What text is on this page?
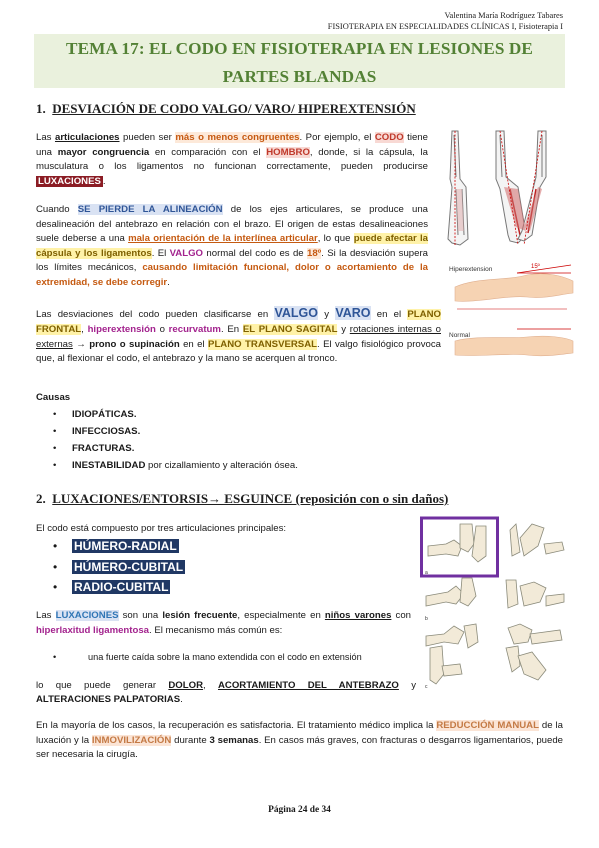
Valentina María Rodríguez Tabares
FISIOTERAPIA EN ESPECIALIDADES CLÍNICAS I, Fisioterapia I
TEMA 17: EL CODO EN FISIOTERAPIA EN LESIONES DE
PARTES BLANDAS
1. DESVIACIÓN DE CODO VALGO/ VARO/ HIPEREXTENSIÓN
Las articulaciones pueden ser más o menos congruentes. Por ejemplo, el CODO tiene una mayor congruencia en comparación con el HOMBRO, donde, si la cápsula, la musculatura o los ligamentos no funcionan correctamente, pueden producirse LUXACIONES .
Cuando SE PIERDE LA ALINEACIÓN de los ejes articulares, se produce una desalineación del antebrazo en relación con el brazo. El origen de estas desalineaciones suele deberse a una mala orientación de la interlínea articular, lo que puede afectar la cápsula y los ligamentos. El VALGO normal del codo es de 18º. Si la desviación supera los límites mecánicos, causando limitación funcional, dolor o acortamiento de la extremidad, se debe corregir.
Las desviaciones del codo pueden clasificarse en VALGO y VARO en el PLANO FRONTAL, hiperextensión o recurvatum. En EL PLANO SAGITAL y rotaciones internas o externas → prono o supinación en el PLANO TRANSVERSAL. El valgo fisiológico provoca que, al flexionar el codo, el antebrazo y la mano se acerquen al tronco.
Causas
• IDIOPÁTICAS.
• INFECCIOSAS.
• FRACTURAS.
• INESTABILIDAD por cizallamiento y alteración ósea.
Hiperextension	15º
Normal
2. LUXACIONES/ENTORSIS→ ESGUINCE (reposición con o sin daños)
El codo está compuesto por tres articulaciones principales:
• HÚMERO-RADIAL
• HÚMERO-CUBITAL
• RADIO-CUBITAL
Las LUXACIONES son una lesión frecuente, especialmente en niños varones con hiperlaxitud ligamentosa. El mecanismo más común es:
• una fuerte caída sobre la mano extendida con el codo en extensión
lo que puede generar DOLOR, ACORTAMIENTO DEL ANTEBRAZO y
ALTERACIONES PALPATORIAS.
En la mayoría de los casos, la recuperación es satisfactoria. El tratamiento médico implica la REDUCCIÓN MANUAL de la luxación y la INMOVILIZACIÓN durante 3 semanas. En casos más graves, con fracturas o desgarros ligamentarios, puede ser necesaria la cirugía.
a
b
c
Página 24 de 34
